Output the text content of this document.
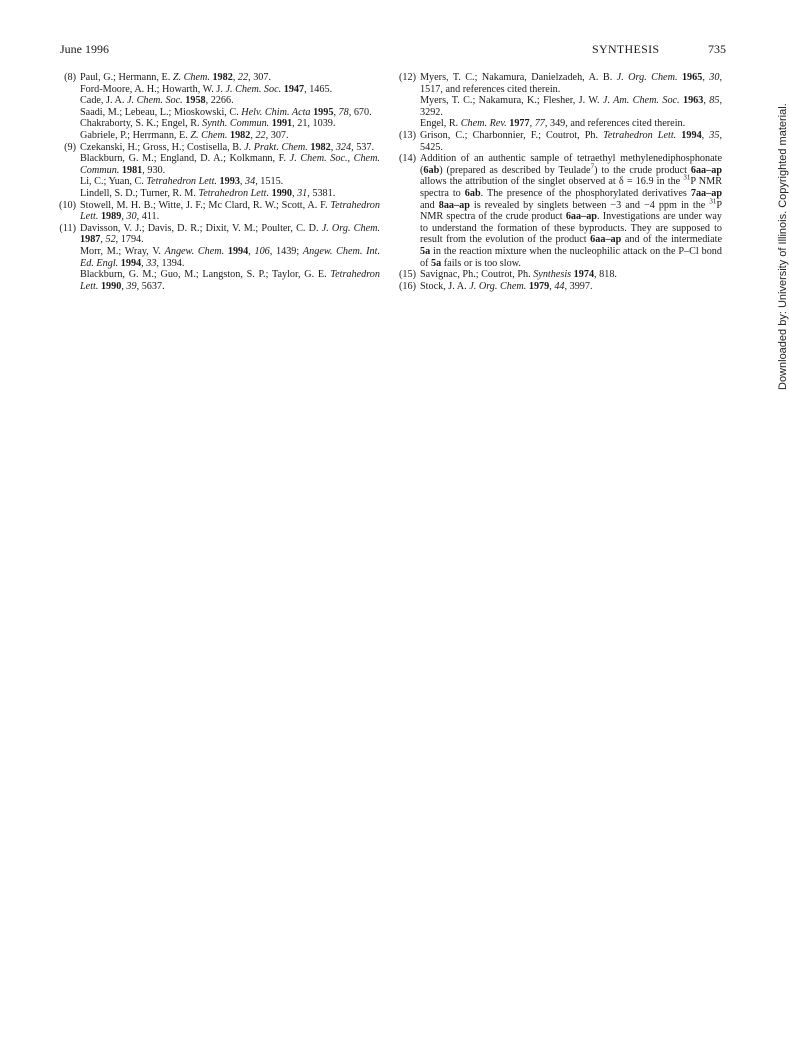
June 1996	SYNTHESIS	735
(8) Paul, G.; Hermann, E. Z. Chem. 1982, 22, 307.
Ford-Moore, A. H.; Howarth, W. J. J. Chem. Soc. 1947, 1465.
Cade, J. A. J. Chem. Soc. 1958, 2266.
Saadi, M.; Lebeau, L.; Mioskowski, C. Helv. Chim. Acta 1995, 78, 670.
Chakraborty, S. K.; Engel, R. Synth. Commun. 1991, 21, 1039.
Gabriele, P.; Herrmann, E. Z. Chem. 1982, 22, 307.
(9) Czekanski, H.; Gross, H.; Costisella, B. J. Prakt. Chem. 1982, 324, 537.
Blackburn, G. M.; England, D. A.; Kolkmann, F. J. Chem. Soc., Chem. Commun. 1981, 930.
Li, C.; Yuan, C. Tetrahedron Lett. 1993, 34, 1515.
Lindell, S. D.; Turner, R. M. Tetrahedron Lett. 1990, 31, 5381.
(10) Stowell, M. H. B.; Witte, J. F.; Mc Clard, R. W.; Scott, A. F. Tetrahedron Lett. 1989, 30, 411.
(11) Davisson, V. J.; Davis, D. R.; Dixit, V. M.; Poulter, C. D. J. Org. Chem. 1987, 52, 1794.
Morr, M.; Wray, V. Angew. Chem. 1994, 106, 1439; Angew. Chem. Int. Ed. Engl. 1994, 33, 1394.
Blackburn, G. M.; Guo, M.; Langston, S. P.; Taylor, G. E. Tetrahedron Lett. 1990, 39, 5637.
(12) Myers, T. C.; Nakamura, Danielzadeh, A. B. J. Org. Chem. 1965, 30, 1517, and references cited therein.
Myers, T. C.; Nakamura, K.; Flesher, J. W. J. Am. Chem. Soc. 1963, 85, 3292.
Engel, R. Chem. Rev. 1977, 77, 349, and references cited therein.
(13) Grison, C.; Charbonnier, F.; Coutrot, Ph. Tetrahedron Lett. 1994, 35, 5425.
(14) Addition of an authentic sample of tetraethyl methylenediphosphonate (6ab) (prepared as described by Teulade$^7$) to the crude product 6aa–ap allows the attribution of the singlet observed at δ = 16.9 in the $^{31}$P NMR spectra to 6ab. The presence of the phosphorylated derivatives 7aa–ap and 8aa–ap is revealed by singlets between −3 and −4 ppm in the $^{31}$P NMR spectra of the crude product 6aa–ap. Investigations are under way to understand the formation of these byproducts. They are supposed to result from the evolution of the product 6aa–ap and of the intermediate 5a in the reaction mixture when the nucleophilic attack on the P–Cl bond of 5a fails or is too slow.
(15) Savignac, Ph.; Coutrot, Ph. Synthesis 1974, 818.
(16) Stock, J. A. J. Org. Chem. 1979, 44, 3997.	Downloaded by: University of Illinois. Copyrighted material.
